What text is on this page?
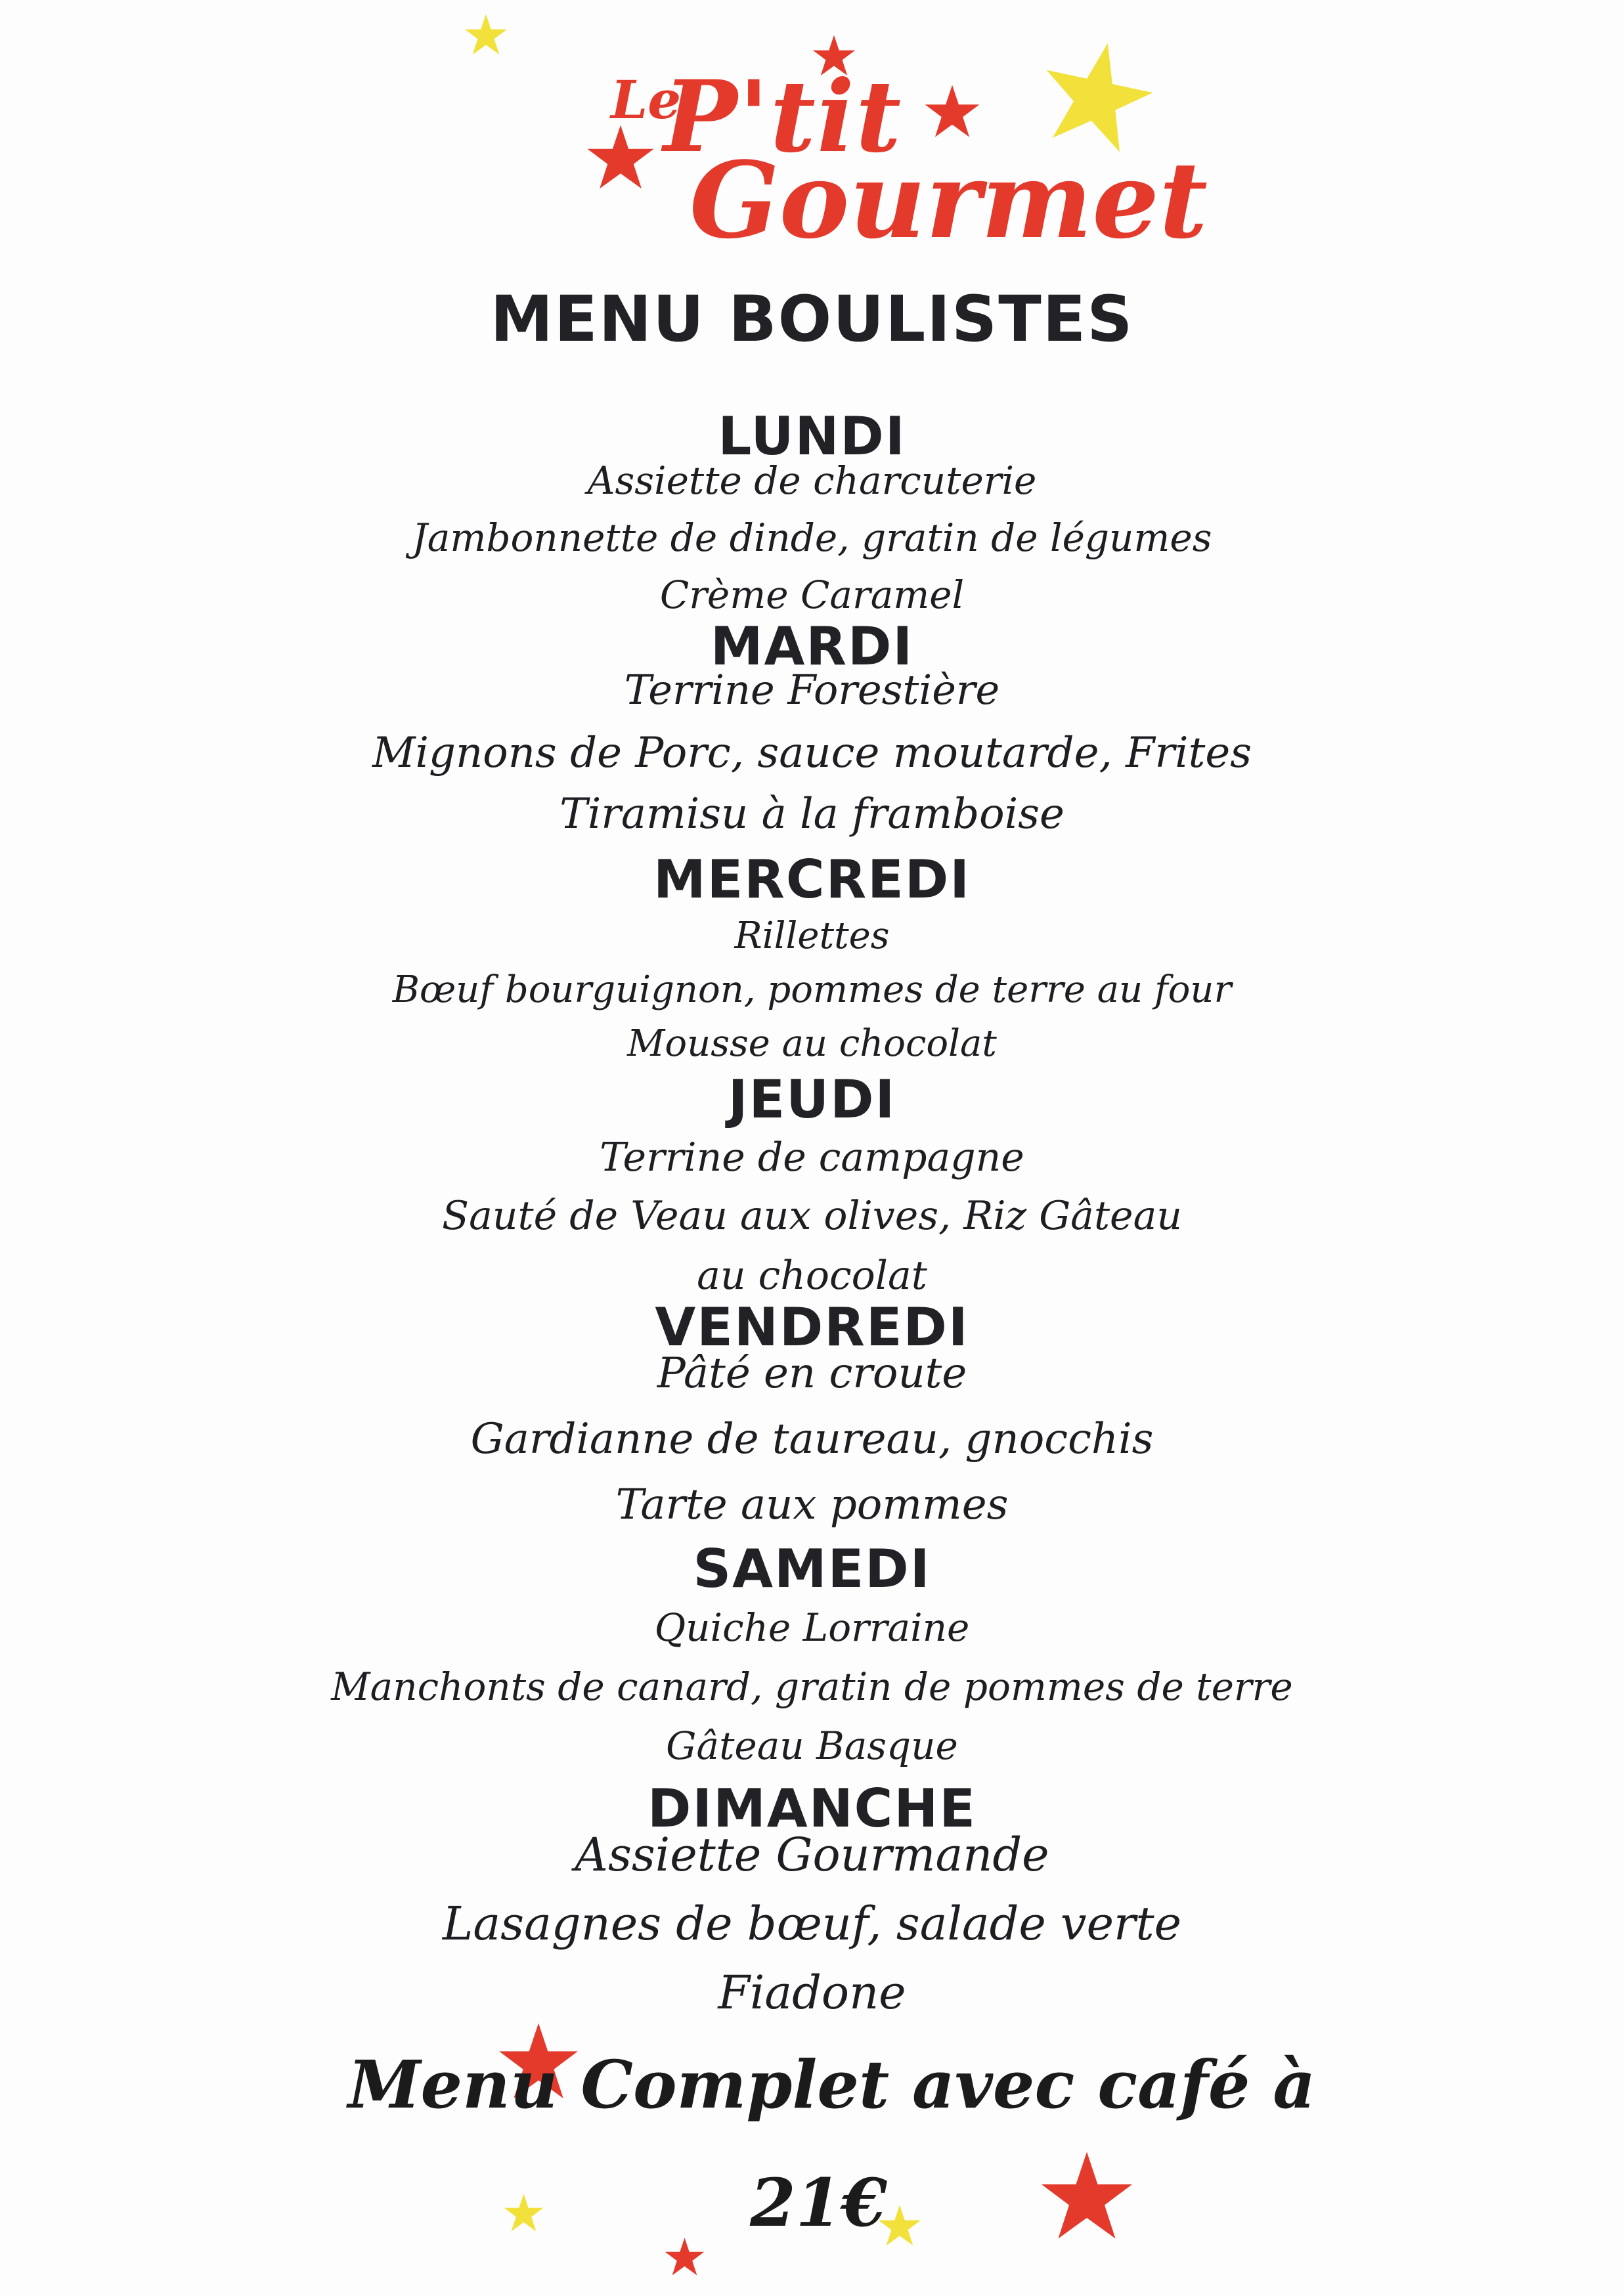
Le
P'tit
Gourmet
MENU BOULISTES
LUNDI
Assiette de charcuterie
Jambonnette de dinde, gratin de légumes
Crème Caramel
MARDI
Terrine Forestière
Mignons de Porc, sauce moutarde, Frites
Tiramisu à la framboise
MERCREDI
Rillettes
Bœuf bourguignon, pommes de terre au four
Mousse au chocolat
JEUDI
Terrine de campagne
Sauté de Veau aux olives, Riz Gâteau
au chocolat
VENDREDI
Pâté en croute
Gardianne de taureau, gnocchis
Tarte aux pommes
SAMEDI
Quiche Lorraine
Manchonts de canard, gratin de pommes de terre
Gâteau Basque
DIMANCHE
Assiette Gourmande
Lasagnes de bœuf, salade verte
Fiadone
Menu Complet avec café à
21€
